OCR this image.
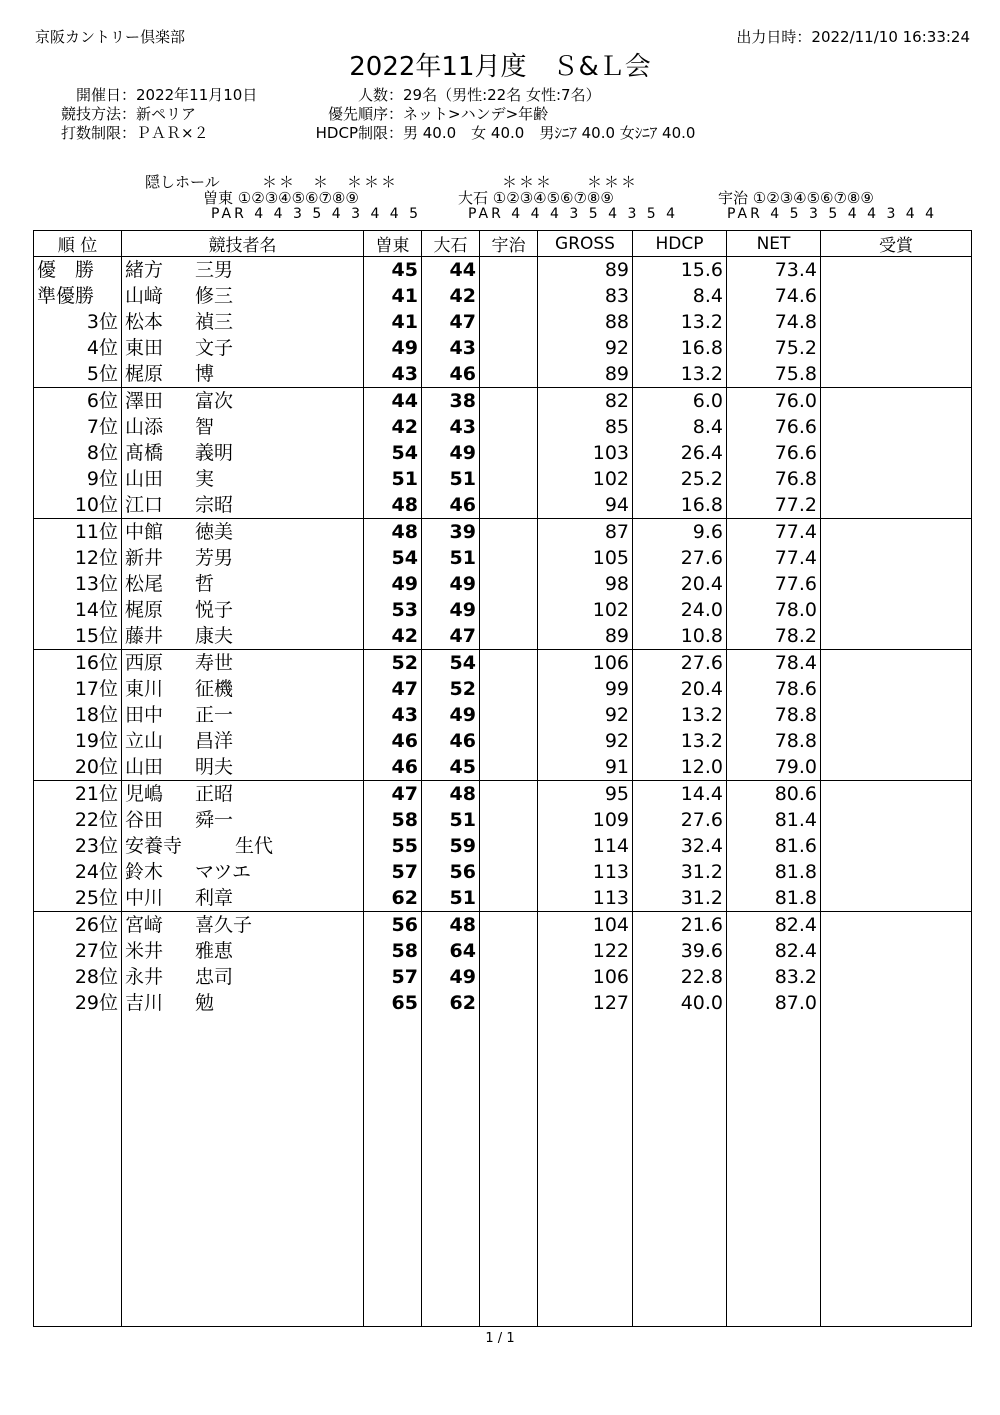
京阪カントリー倶楽部	出力日時：2022/11/10 16:33:24
2022年11月度　Ｓ&Ｌ会
開催日：2022年11月10日
競技方法：新ペリア
打数制限：ＰＡＲ×２
人数：29名（男性:22名 女性:7名）
優先順序：ネット>ハンデ>年齢
HDCP制限：男 40.0　女 40.0　男ｼﾆｱ 40.0 女ｼﾆｱ 40.0
隠しホール	＊＊　＊　＊＊＊	＊＊＊　　＊＊＊
曽東 ①②③④⑤⑥⑦⑧⑨
PAR 4 4 3 5 4 3 4 4 5
大石 ①②③④⑤⑥⑦⑧⑨
PAR 4 4 4 3 5 4 3 5 4
宇治 ①②③④⑤⑥⑦⑧⑨
PAR 4 5 3 5 4 4 3 4 4
順 位	競技者名	曽東	大石	宇治	GROSS	HDCP	NET	受賞
優　勝	緒方 三男	45	44		89	15.6	73.4	
準優勝	山﨑 修三	41	42		83	8.4	74.6	
3位	松本 禎三	41	47		88	13.2	74.8	
4位	東田 文子	49	43		92	16.8	75.2	
5位	梶原 博	43	46		89	13.2	75.8	
6位	澤田 富次	44	38		82	6.0	76.0	
7位	山添 智	42	43		85	8.4	76.6	
8位	髙橋 義明	54	49		103	26.4	76.6	
9位	山田 実	51	51		102	25.2	76.8	
10位	江口 宗昭	48	46		94	16.8	77.2	
11位	中館 徳美	48	39		87	9.6	77.4	
12位	新井 芳男	54	51		105	27.6	77.4	
13位	松尾 哲	49	49		98	20.4	77.6	
14位	梶原 悦子	53	49		102	24.0	78.0	
15位	藤井 康夫	42	47		89	10.8	78.2	
16位	西原 寿世	52	54		106	27.6	78.4	
17位	東川 征機	47	52		99	20.4	78.6	
18位	田中 正一	43	49		92	13.2	78.8	
19位	立山 昌洋	46	46		92	13.2	78.8	
20位	山田 明夫	46	45		91	12.0	79.0	
21位	児嶋 正昭	47	48		95	14.4	80.6	
22位	谷田 舜一	58	51		109	27.6	81.4	
23位	安養寺 生代	55	59		114	32.4	81.6	
24位	鈴木 マツエ	57	56		113	31.2	81.8	
25位	中川 利章	62	51		113	31.2	81.8	
26位	宮﨑 喜久子	56	48		104	21.6	82.4	
27位	米井 雅恵	58	64		122	39.6	82.4	
28位	永井 忠司	57	49		106	22.8	83.2	
29位	吉川 勉	65	62		127	40.0	87.0	

1 / 1
